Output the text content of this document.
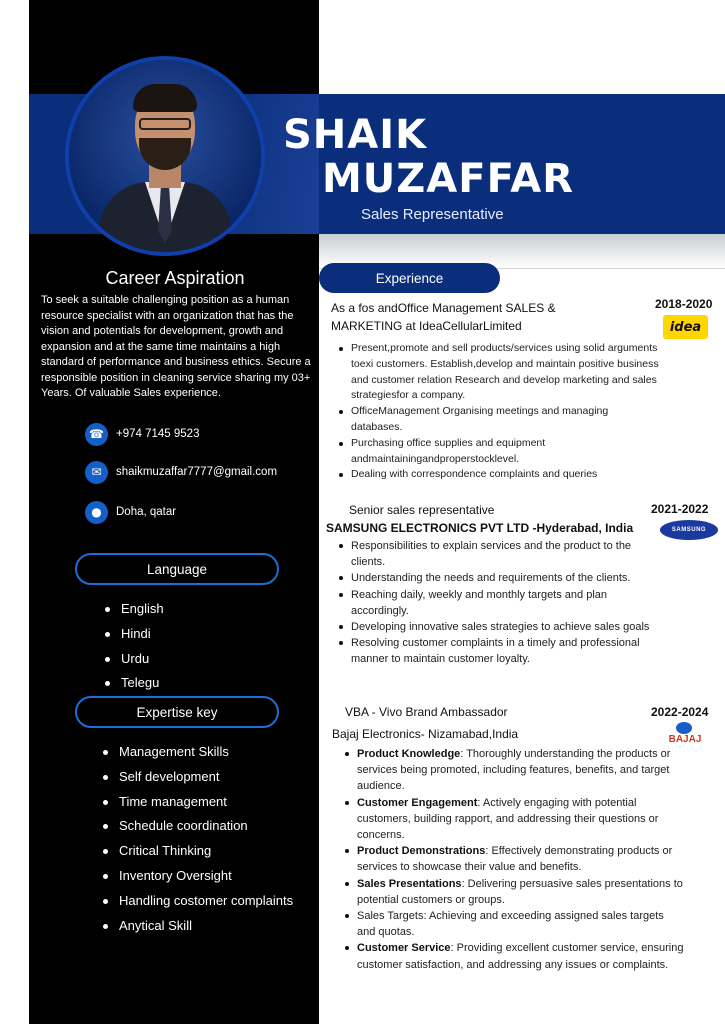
SHAIK
MUZAFFAR
Sales Representative
Career Aspiration
To seek a suitable challenging position as a human resource specialist with an organization that has the vision and potentials for development, growth and expansion and at the same time maintains a high standard of performance and business ethics. Secure a responsible position in cleaning service sharing my 03+ Years. Of valuable Sales experience.
☎	+974 7145 9523
✉	shaikmuzaffar7777@gmail.com
●	Doha, qatar
Language
English
Hindi
Urdu
Telegu
Expertise key
Management Skills
Self development
Time management
Schedule coordination
Critical Thinking
Inventory Oversight
Handling costomer complaints
Anytical Skill
Experience
As a fos andOffice Management SALES &
MARKETING at IdeaCellularLimited
2018-2020
idea
Present,promote and sell products/services using solid arguments toexi customers. Establish,develop and maintain positive business and customer relation Research and develop marketing and sales strategiesfor a company.
OfficeManagement Organising meetings and managing databases.
Purchasing office supplies and equipment andmaintainingandproperstocklevel.
Dealing with correspondence complaints and queries
Senior sales representative
SAMSUNG ELECTRONICS PVT LTD -Hyderabad, India
2021-2022
SAMSUNG
Responsibilities to explain services and the product to the clients.
Understanding the needs and requirements of the clients.
Reaching daily, weekly and monthly targets and plan accordingly.
Developing innovative sales strategies to achieve sales goals
Resolving customer complaints in a timely and professional manner to maintain customer loyalty.
VBA - Vivo Brand Ambassador
Bajaj Electronics- Nizamabad,India
2022-2024
BAJAJ
Product Knowledge: Thoroughly understanding the products or services being promoted, including features, benefits, and target audience.
Customer Engagement: Actively engaging with potential customers, building rapport, and addressing their questions or concerns.
Product Demonstrations: Effectively demonstrating products or services to showcase their value and benefits.
Sales Presentations: Delivering persuasive sales presentations to potential customers or groups.
Sales Targets: Achieving and exceeding assigned sales targets and quotas.
Customer Service: Providing excellent customer service, ensuring customer satisfaction, and addressing any issues or complaints.
